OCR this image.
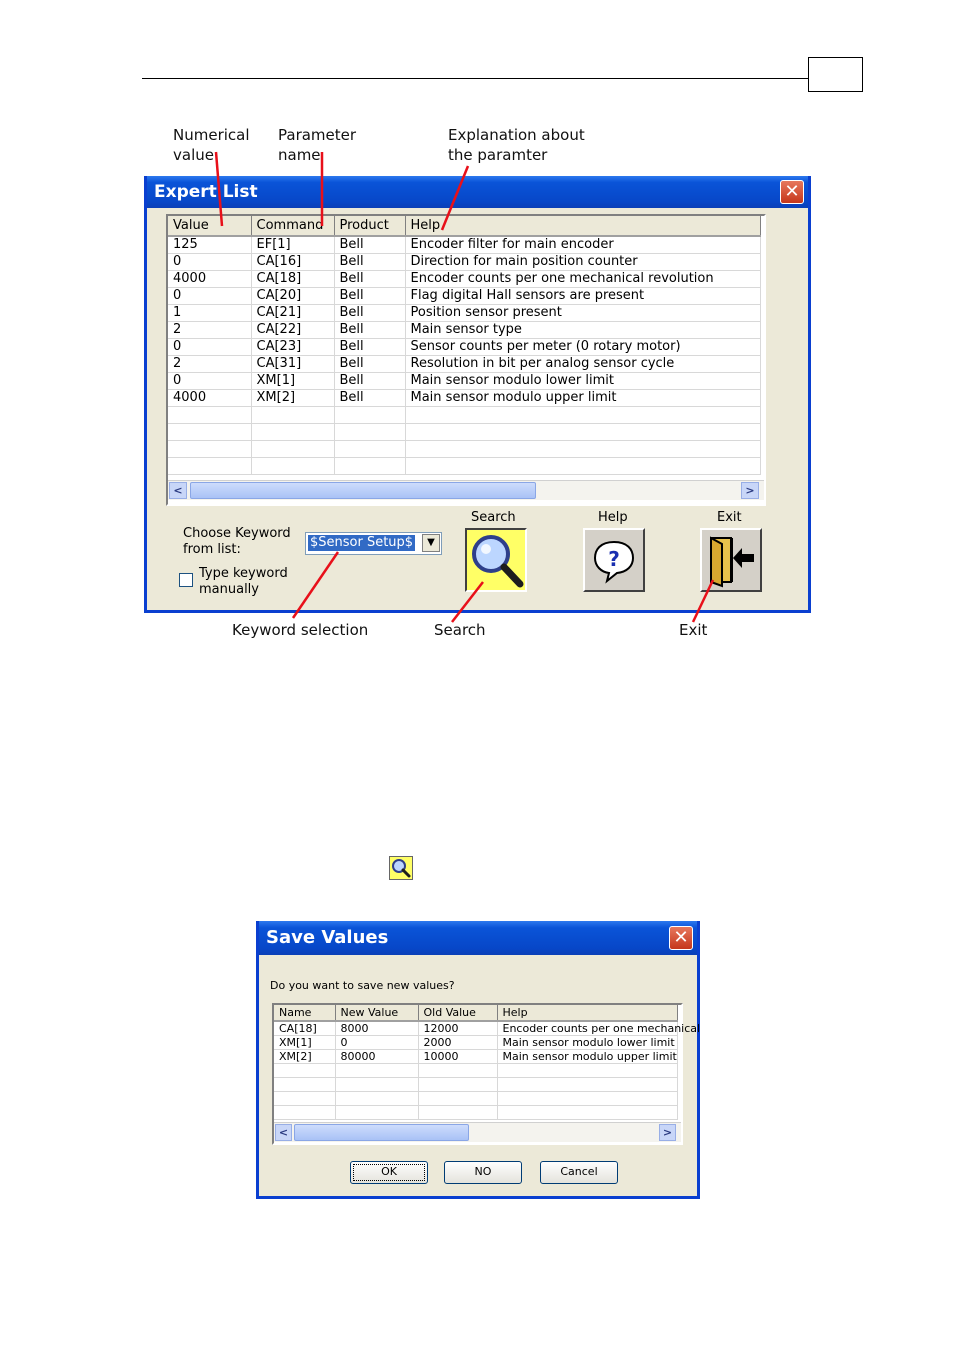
Numerical
value
Parameter
name
Explanation about
the paramter
Expert List	✕
Value	Command	Product	Help
125	EF[1]	Bell	Encoder filter for main encoder
0	CA[16]	Bell	Direction for main position counter
4000	CA[18]	Bell	Encoder counts per one mechanical revolution
0	CA[20]	Bell	Flag digital Hall sensors are present
1	CA[21]	Bell	Position sensor present
2	CA[22]	Bell	Main sensor type
0	CA[23]	Bell	Sensor counts per meter (0 rotary motor)
2	CA[31]	Bell	Resolution in bit per analog sensor cycle
0	XM[1]	Bell	Main sensor modulo lower limit
4000	XM[2]	Bell	Main sensor modulo upper limit

<	>
Choose Keyword
from list:	$Sensor Setup$	▼
Type keyword
manually
Search	Help
?
Exit
Keyword selection	Search	Exit
Save Values	✕
Do you want to save new values?
Name	New Value	Old Value	Help
CA[18]	8000	12000	Encoder counts per one mechanical
XM[1]	0	2000	Main sensor modulo lower limit
XM[2]	80000	10000	Main sensor modulo upper limit

<	>
OK	NO	Cancel
